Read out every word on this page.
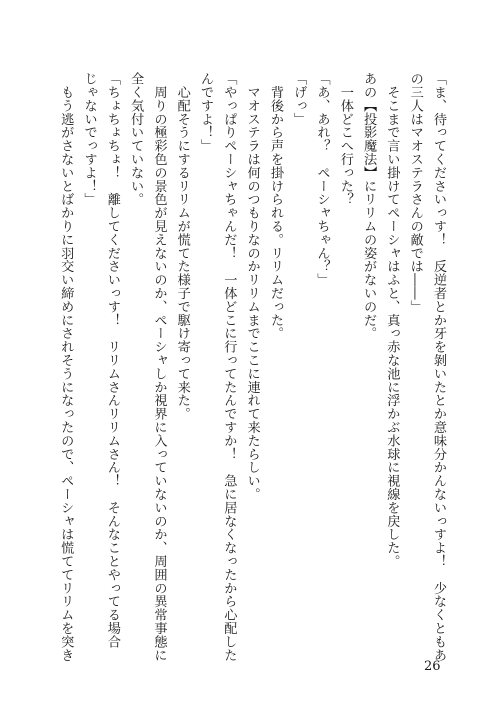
「ま、待ってくださいっす！　反逆者とか牙を剝いたとか意味分かんないっすよ！　少なくともあ
の三人はマオステラさんの敵では――」
　そこまで言い掛けてペーシャはふと、真っ赤な池に浮かぶ水球に視線を戻した。
あの【投影魔法】にリリムの姿がないのだ。
　一体どこへ行った？
「あ、あれ？　ペーシャちゃん？」
「げっ」
　背後から声を掛けられる。リリムだった。
　マオステラは何のつもりなのかリリムまでここに連れて来たらしい。
「やっぱりペーシャちゃんだ！　一体どこに行ってたんですか！　急に居なくなったから心配した
んですよ！」
　心配そうにするリリムが慌てた様子で駆け寄って来た。
　周りの極彩色の景色が見えないのか、ペーシャしか視界に入っていないのか、周囲の異常事態に
全く気付いていない。
「ちょちょちょ！　離してくださいっす！　リリムさんリリムさん！　そんなことやってる場合
じゃないでっすよ！」
　もう逃がさないとばかりに羽交い締めにされそうになったので、ペーシャは慌ててリリムを突き
26
